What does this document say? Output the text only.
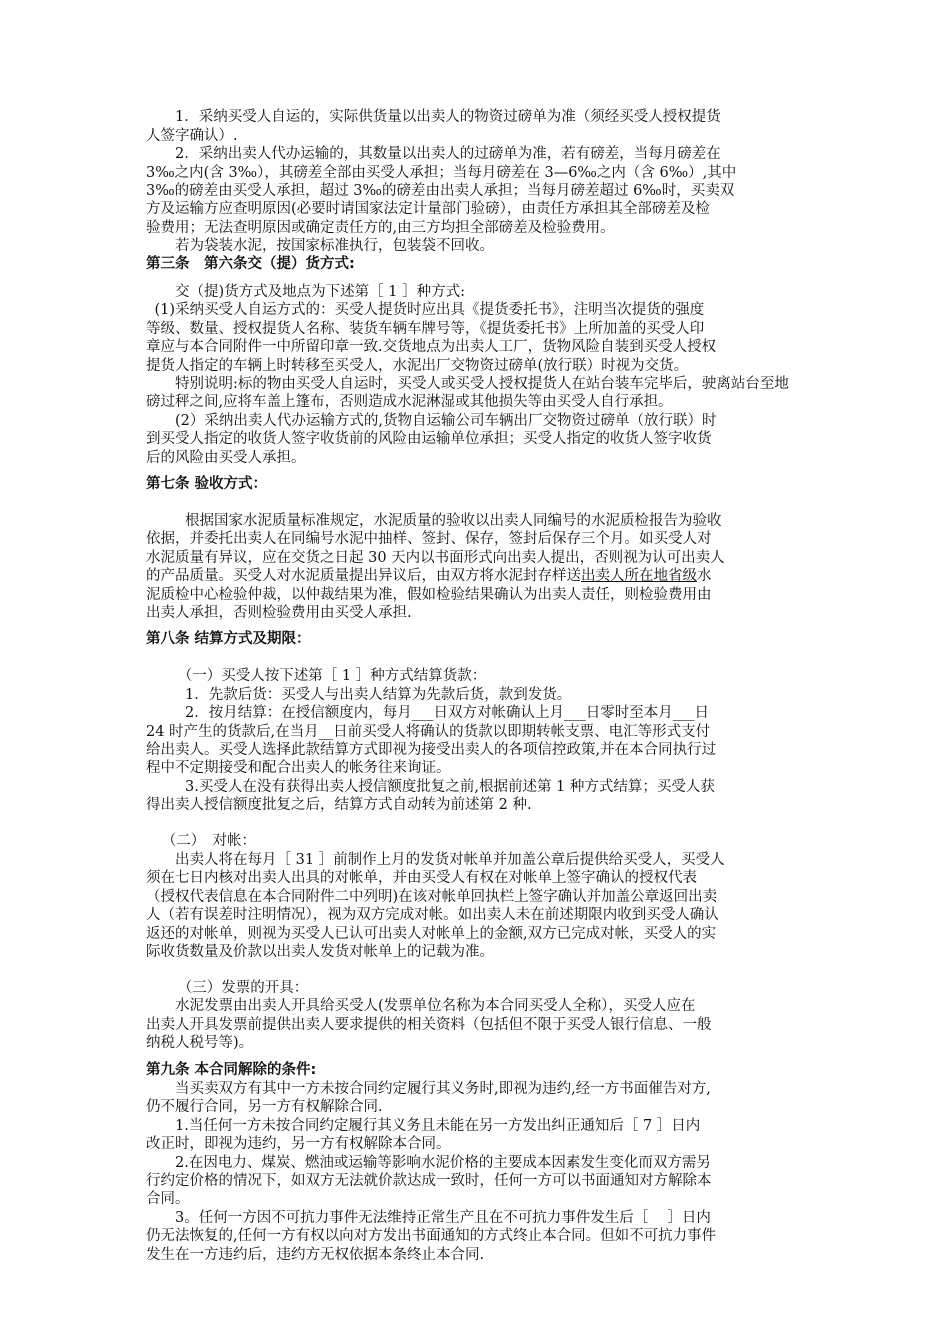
　　1．采纳买受人自运的，实际供货量以出卖人的物资过磅单为准（须经买受人授权提货
人签字确认）.
　　2．采纳出卖人代办运输的，其数量以出卖人的过磅单为准，若有磅差，当每月磅差在
3‰之内(含 3‰），其磅差全部由买受人承担；当每月磅差在 3—6‰之内（含 6‰）,其中
3‰的磅差由买受人承担，超过 3‰的磅差由出卖人承担；当每月磅差超过 6‰时，买卖双
方及运输方应查明原因(必要时请国家法定计量部门验磅），由责任方承担其全部磅差及检
验费用；无法查明原因或确定责任方的,由三方均担全部磅差及检验费用。
　　若为袋装水泥，按国家标准执行，包装袋不回收。
　　交（提)货方式及地点为下述第［ 1 ］种方式:
　(1)采纳买受人自运方式的：买受人提货时应出具《提货委托书》，注明当次提货的强度
等级、数量、授权提货人名称、装货车辆车牌号等，《提货委托书》上所加盖的买受人印
章应与本合同附件一中所留印章一致.交货地点为出卖人工厂，货物风险自装到买受人授权
提货人指定的车辆上时转移至买受人，水泥出厂交物资过磅单(放行联）时视为交货。
　　特别说明:标的物由买受人自运时，买受人或买受人授权提货人在站台装车完毕后，驶离站台至地
磅过秤之间,应将车盖上篷布，否则造成水泥淋湿或其他损失等由买受人自行承担。
　　(2）采纳出卖人代办运输方式的,货物自运输公司车辆出厂交物资过磅单（放行联）时
到买受人指定的收货人签字收货前的风险由运输单位承担；买受人指定的收货人签字收货
后的风险由买受人承担。
　　根据国家水泥质量标准规定，水泥质量的验收以出卖人同编号的水泥质检报告为验收
依据，并委托出卖人在同编号水泥中抽样、签封、保存，签封后保存三个月。如买受人对
水泥质量有异议，应在交货之日起 30 天内以书面形式向出卖人提出，否则视为认可出卖人
的产品质量。买受人对水泥质量提出异议后，由双方将水泥封存样送出卖人所在地省级水
泥质检中心检验仲裁，以仲裁结果为准，假如检验结果确认为出卖人责任，则检验费用由
出卖人承担，否则检验费用由买受人承担.
　　（一）买受人按下述第［ 1 ］种方式结算货款：
　　1．先款后货：买受人与出卖人结算为先款后货，款到发货。
　　2．按月结算：在授信额度内，每月___日双方对帐确认上月___日零时至本月___日
24 时产生的货款后,在当月__日前买受人将确认的货款以即期转帐支票、电汇等形式支付
给出卖人。买受人选择此款结算方式即视为接受出卖人的各项信控政策,并在本合同执行过
程中不定期接受和配合出卖人的帐务往来询证。
　　3.买受人在没有获得出卖人授信额度批复之前,根据前述第 1 种方式结算；买受人获
得出卖人授信额度批复之后，结算方式自动转为前述第 2 种.
　　（二）　对帐：
　　出卖人将在每月［ 31 ］前制作上月的发货对帐单并加盖公章后提供给买受人，买受人
须在七日内核对出卖人出具的对帐单，并由买受人有权在对帐单上签字确认的授权代表
（授权代表信息在本合同附件二中列明)在该对帐单回执栏上签字确认并加盖公章返回出卖
人（若有误差时注明情况），视为双方完成对帐。如出卖人未在前述期限内收到买受人确认
返还的对帐单，则视为买受人已认可出卖人对帐单上的金额,双方已完成对帐，买受人的实
际收货数量及价款以出卖人发货对帐单上的记载为准。
　　（三）发票的开具：
　　水泥发票由出卖人开具给买受人(发票单位名称为本合同买受人全称），买受人应在
出卖人开具发票前提供出卖人要求提供的相关资料（包括但不限于买受人银行信息、一般
纳税人税号等)。
　　当买卖双方有其中一方未按合同约定履行其义务时,即视为违约,经一方书面催告对方,
仍不履行合同，另一方有权解除合同.
　　1.当任何一方未按合同约定履行其义务且未能在另一方发出纠正通知后［ 7 ］日内
改正时，即视为违约，另一方有权解除本合同。
　　2.在因电力、煤炭、燃油或运输等影响水泥价格的主要成本因素发生变化而双方需另
行约定价格的情况下，如双方无法就价款达成一致时，任何一方可以书面通知对方解除本
合同。
　　3。任何一方因不可抗力事件无法维持正常生产且在不可抗力事件发生后［　 ］日内
仍无法恢复的,任何一方有权以向对方发出书面通知的方式终止本合同。但如不可抗力事件
发生在一方违约后，违约方无权依据本条终止本合同.
第三条　第六条交（提）货方式:
第七条 验收方式：
第八条 结算方式及期限：
第九条 本合同解除的条件:
